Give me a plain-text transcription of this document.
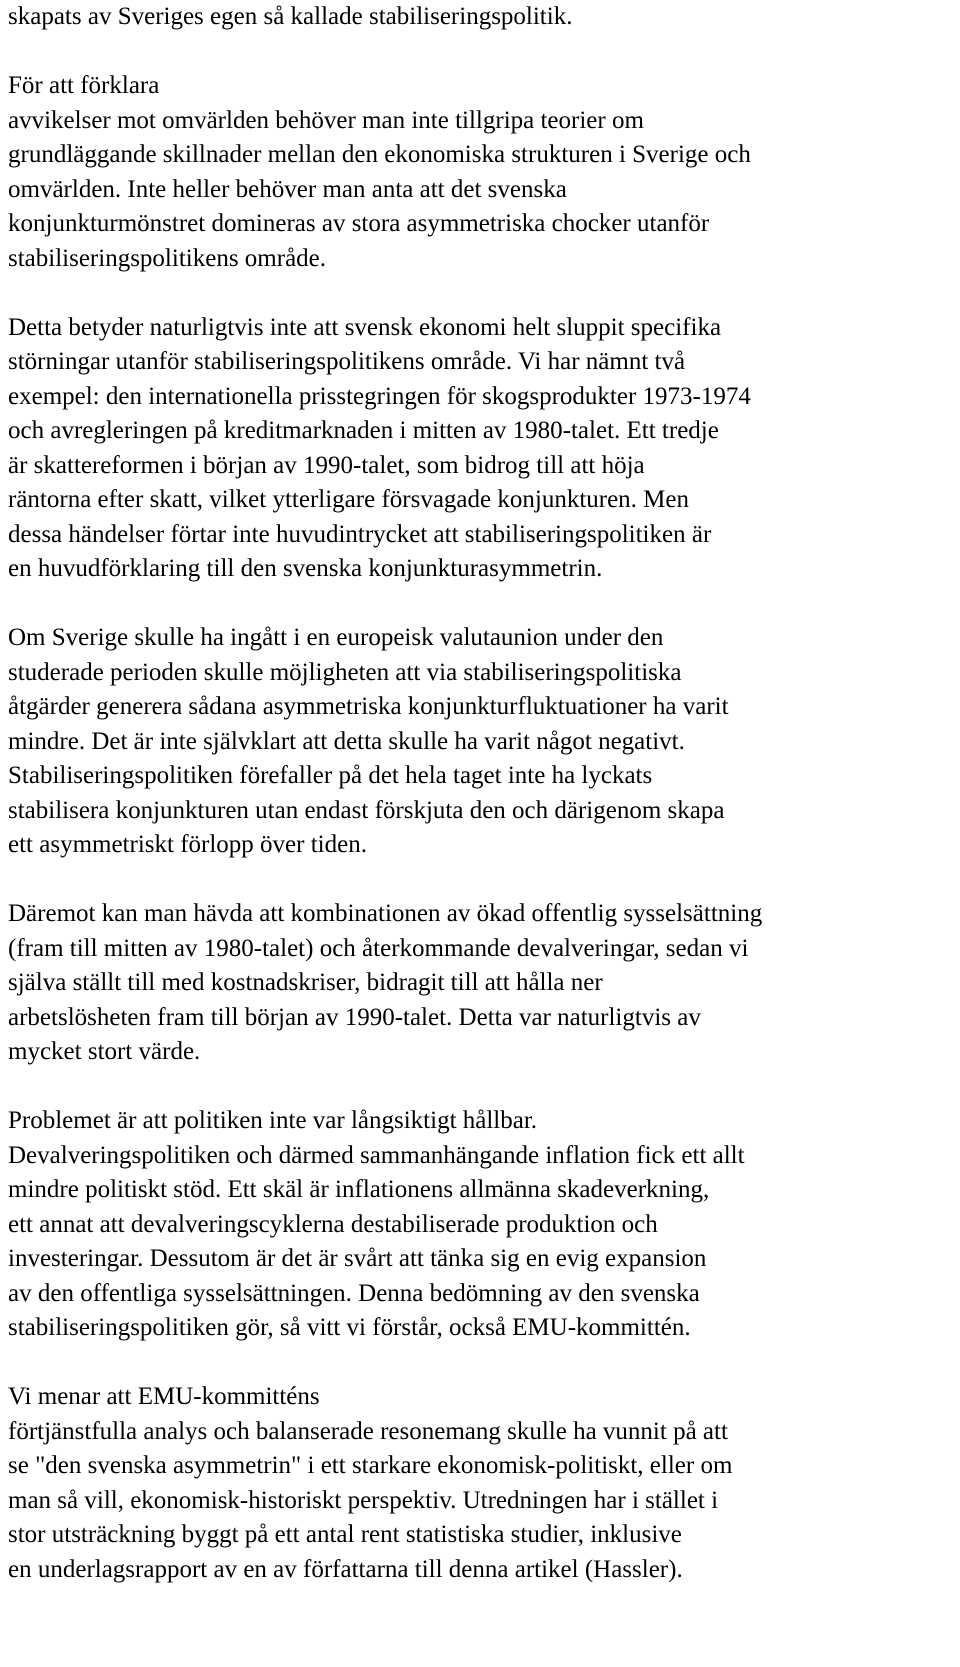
skapats av Sveriges egen så kallade stabiliseringspolitik.

För att förklara
avvikelser mot omvärlden behöver man inte tillgripa teorier om
grundläggande skillnader mellan den ekonomiska strukturen i Sverige och
omvärlden. Inte heller behöver man anta att det svenska
konjunkturmönstret domineras av stora asymmetriska chocker utanför
stabiliseringspolitikens område.

Detta betyder naturligtvis inte att svensk ekonomi helt sluppit specifika
störningar utanför stabiliseringspolitikens område. Vi har nämnt två
exempel: den internationella prisstegringen för skogsprodukter 1973-1974
och avregleringen på kreditmarknaden i mitten av 1980-talet. Ett tredje
är skattereformen i början av 1990-talet, som bidrog till att höja
räntorna efter skatt, vilket ytterligare försvagade konjunkturen. Men
dessa händelser förtar inte huvudintrycket att stabiliseringspolitiken är
en huvudförklaring till den svenska konjunkturasymmetrin.

Om Sverige skulle ha ingått i en europeisk valutaunion under den
studerade perioden skulle möjligheten att via stabiliseringspolitiska
åtgärder generera sådana asymmetriska konjunkturfluktuationer ha varit
mindre. Det är inte självklart att detta skulle ha varit något negativt.
Stabiliseringspolitiken förefaller på det hela taget inte ha lyckats
stabilisera konjunkturen utan endast förskjuta den och därigenom skapa
ett asymmetriskt förlopp över tiden.

Däremot kan man hävda att kombinationen av ökad offentlig sysselsättning
(fram till mitten av 1980-talet) och återkommande devalveringar, sedan vi
själva ställt till med kostnadskriser, bidragit till att hålla ner
arbetslösheten fram till början av 1990-talet. Detta var naturligtvis av
mycket stort värde.

Problemet är att politiken inte var långsiktigt hållbar.
Devalveringspolitiken och därmed sammanhängande inflation fick ett allt
mindre politiskt stöd. Ett skäl är inflationens allmänna skadeverkning,
ett annat att devalveringscyklerna destabiliserade produktion och
investeringar. Dessutom är det är svårt att tänka sig en evig expansion
av den offentliga sysselsättningen. Denna bedömning av den svenska
stabiliseringspolitiken gör, så vitt vi förstår, också EMU-kommittén.

Vi menar att EMU-kommitténs
förtjänstfulla analys och balanserade resonemang skulle ha vunnit på att
se "den svenska asymmetrin" i ett starkare ekonomisk-politiskt, eller om
man så vill, ekonomisk-historiskt perspektiv. Utredningen har i stället i
stor utsträckning byggt på ett antal rent statistiska studier, inklusive
en underlagsrapport av en av författarna till denna artikel (Hassler).
